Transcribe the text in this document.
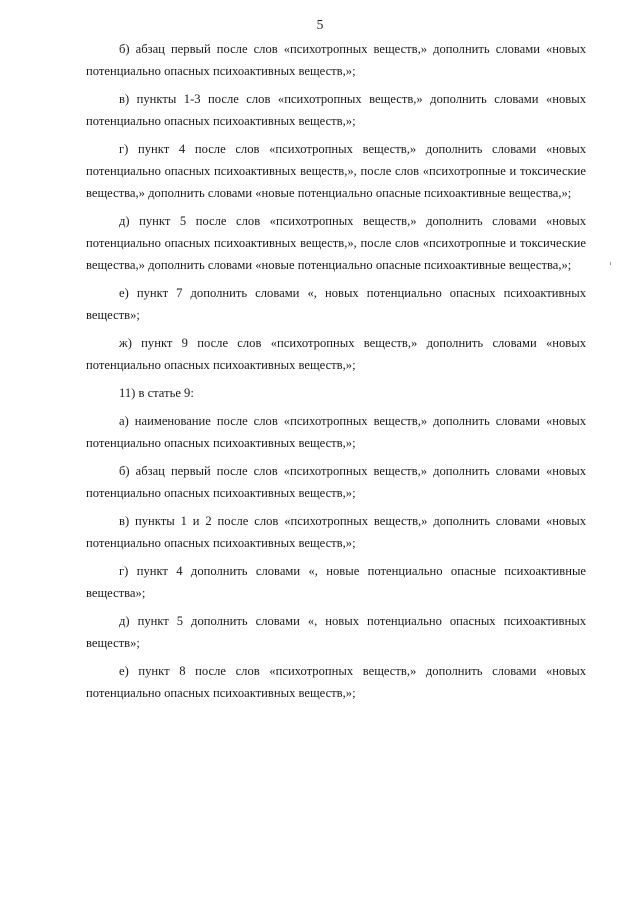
5

б) абзац первый после слов «психотропных веществ,» дополнить словами «новых потенциально опасных психоактивных веществ,»;

в) пункты 1-3 после слов «психотропных веществ,» дополнить словами «новых потенциально опасных психоактивных веществ,»;

г) пункт 4 после слов «психотропных веществ,» дополнить словами «новых потенциально опасных психоактивных веществ,», после слов «психотропные и токсические вещества,» дополнить словами «новые потенциально опасные психоактивные вещества,»;

д) пункт 5 после слов «психотропных веществ,» дополнить словами «новых потенциально опасных психоактивных веществ,», после слов «психотропные и токсические вещества,» дополнить словами «новые потенциально опасные психоактивные вещества,»;

е) пункт 7 дополнить словами «, новых потенциально опасных психоактивных веществ»;

ж) пункт 9 после слов «психотропных веществ,» дополнить словами «новых потенциально опасных психоактивных веществ,»;

11) в статье 9:

а) наименование после слов «психотропных веществ,» дополнить словами «новых потенциально опасных психоактивных веществ,»;

б) абзац первый после слов «психотропных веществ,» дополнить словами «новых потенциально опасных психоактивных веществ,»;

в) пункты 1 и 2 после слов «психотропных веществ,» дополнить словами «новых потенциально опасных психоактивных веществ,»;

г) пункт 4 дополнить словами «, новые потенциально опасные психоактивные вещества»;

д) пункт 5 дополнить словами «, новых потенциально опасных психоактивных веществ»;

е) пункт 8 после слов «психотропных веществ,» дополнить словами «новых потенциально опасных психоактивных веществ,»;
